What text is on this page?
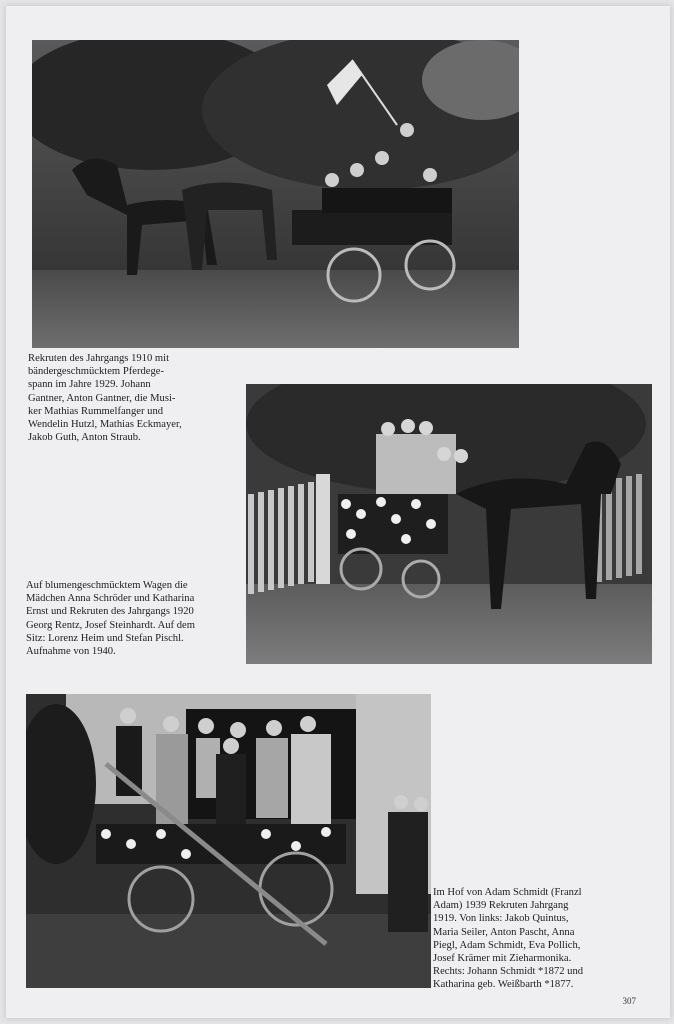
Rekruten des Jahrgangs 1910 mit
bändergeschmücktem Pferdege-
spann im Jahre 1929. Johann
Gantner, Anton Gantner, die Musi-
ker Mathias Rummelfanger und
Wendelin Hutzl, Mathias Eckmayer,
Jakob Guth, Anton Straub.

Auf blumengeschmücktem Wagen die
Mädchen Anna Schröder und Katharina
Ernst und Rekruten des Jahrgangs 1920
Georg Rentz, Josef Steinhardt. Auf dem
Sitz: Lorenz Heim und Stefan Pischl.
Aufnahme von 1940.

Im Hof von Adam Schmidt (Franzl
Adam) 1939 Rekruten Jahrgang
1919. Von links: Jakob Quintus,
Maria Seiler, Anton Pascht, Anna
Piegl, Adam Schmidt, Eva Pollich,
Josef Krämer mit Zieharmonika.
Rechts: Johann Schmidt *1872 und
Katharina geb. Weißbarth *1877.

307
